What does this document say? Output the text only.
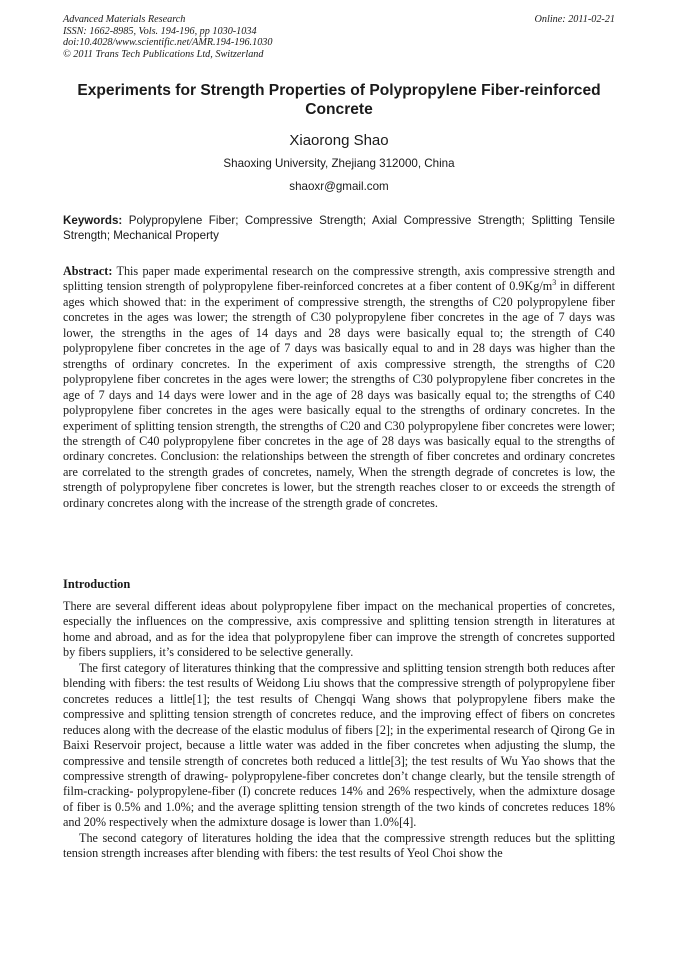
Advanced Materials Research
ISSN: 1662-8985, Vols. 194-196, pp 1030-1034
doi:10.4028/www.scientific.net/AMR.194-196.1030
© 2011 Trans Tech Publications Ltd, Switzerland
Online: 2011-02-21
Experiments for Strength Properties of Polypropylene Fiber-reinforced Concrete
Xiaorong Shao
Shaoxing University, Zhejiang 312000, China
shaoxr@gmail.com
Keywords: Polypropylene Fiber; Compressive Strength; Axial Compressive Strength; Splitting Tensile Strength; Mechanical Property
Abstract: This paper made experimental research on the compressive strength, axis compressive strength and splitting tension strength of polypropylene fiber-reinforced concretes at a fiber content of $0.9Kg/m^3$ in different ages which showed that: in the experiment of compressive strength, the strengths of C20 polypropylene fiber concretes in the ages was lower; the strength of C30 polypropylene fiber concretes in the age of 7 days was lower, the strengths in the ages of 14 days and 28 days were basically equal to; the strength of C40 polypropylene fiber concretes in the age of 7 days was basically equal to and in 28 days was higher than the strengths of ordinary concretes. In the experiment of axis compressive strength, the strengths of C20 polypropylene fiber concretes in the ages were lower; the strengths of C30 polypropylene fiber concretes in the age of 7 days and 14 days were lower and in the age of 28 days was basically equal to; the strengths of C40 polypropylene fiber concretes in the ages were basically equal to the strengths of ordinary concretes. In the experiment of splitting tension strength, the strengths of C20 and C30 polypropylene fiber concretes were lower; the strength of C40 polypropylene fiber concretes in the age of 28 days was basically equal to the strengths of ordinary concretes. Conclusion: the relationships between the strength of fiber concretes and ordinary concretes are correlated to the strength grades of concretes, namely, When the strength degrade of concretes is low, the strength of polypropylene fiber concretes is lower, but the strength reaches closer to or exceeds the strength of ordinary concretes along with the increase of the strength grade of concretes.
Introduction

There are several different ideas about polypropylene fiber impact on the mechanical properties of concretes, especially the influences on the compressive, axis compressive and splitting tension strength in literatures at home and abroad, and as for the idea that polypropylene fiber can improve the strength of concretes supported by fibers suppliers, it’s considered to be selective generally.

The first category of literatures thinking that the compressive and splitting tension strength both reduces after blending with fibers: the test results of Weidong Liu shows that the compressive strength of polypropylene fiber concretes reduces a little[1]; the test results of Chengqi Wang shows that polypropylene fibers make the compressive and splitting tension strength of concretes reduce, and the improving effect of fibers on concretes reduces along with the decrease of the elastic modulus of fibers [2]; in the experimental research of Qirong Ge in Baixi Reservoir project, because a little water was added in the fiber concretes when adjusting the slump, the compressive and tensile strength of concretes both reduced a little[3]; the test results of Wu Yao shows that the compressive strength of drawing- polypropylene-fiber concretes don’t change clearly, but the tensile strength of film-cracking- polypropylene-fiber (I) concrete reduces 14% and 26% respectively, when the admixture dosage of fiber is 0.5% and 1.0%; and the average splitting tension strength of the two kinds of concretes reduces 18% and 20% respectively when the admixture dosage is lower than 1.0%[4].

The second category of literatures holding the idea that the compressive strength reduces but the splitting tension strength increases after blending with fibers: the test results of Yeol Choi show the
